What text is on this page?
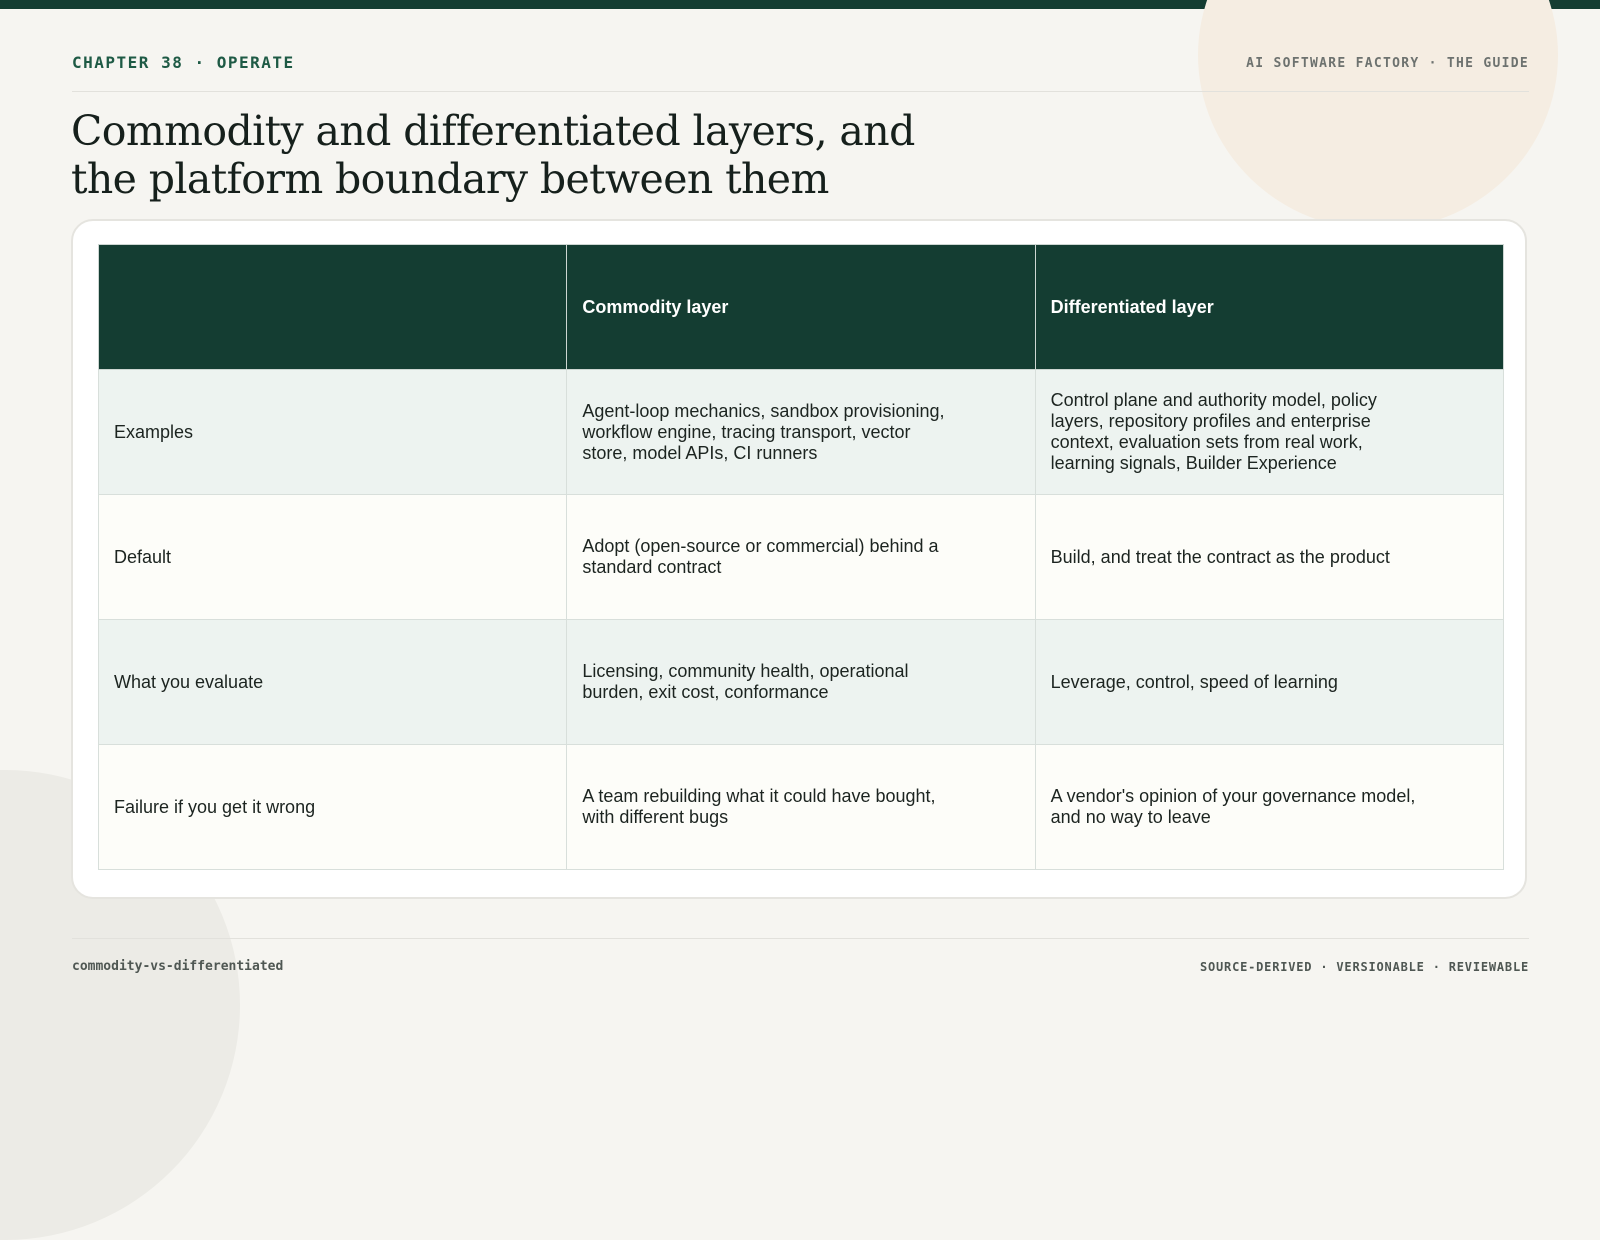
CHAPTER 38 · OPERATE	AI SOFTWARE FACTORY · THE GUIDE
Commodity and differentiated layers, and the platform boundary between them
	Commodity layer	Differentiated layer

Examples	Agent-loop mechanics, sandbox provisioning, workflow engine, tracing transport, vector store, model APIs, CI runners	Control plane and authority model, policy layers, repository profiles and enterprise context, evaluation sets from real work, learning signals, Builder Experience

Default	Adopt (open-source or commercial) behind a standard contract	Build, and treat the contract as the product

What you evaluate	Licensing, community health, operational burden, exit cost, conformance	Leverage, control, speed of learning

Failure if you get it wrong	A team rebuilding what it could have bought, with different bugs	A vendor's opinion of your governance model, and no way to leave
commodity-vs-differentiated	SOURCE-DERIVED · VERSIONABLE · REVIEWABLE
